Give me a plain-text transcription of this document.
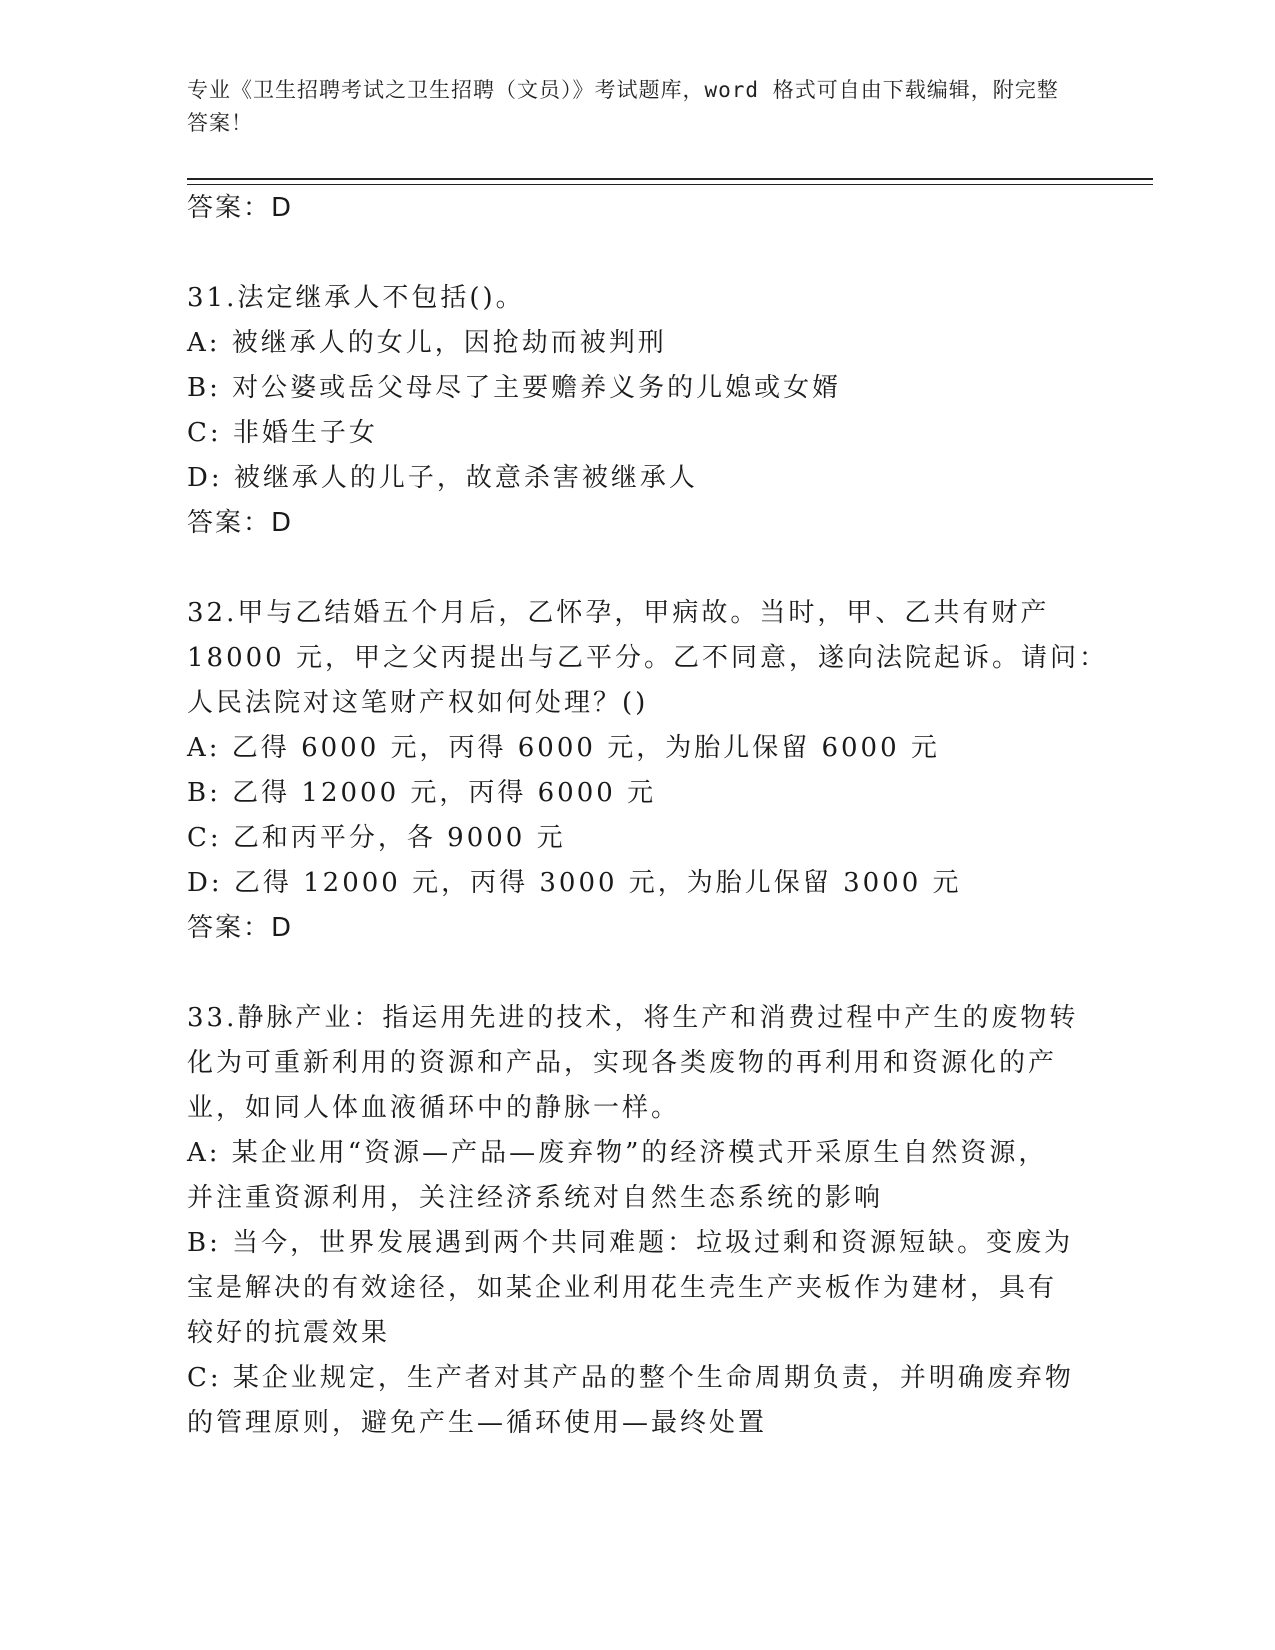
专业《卫生招聘考试之卫生招聘（文员）》考试题库，word 格式可自由下载编辑，附完整答案！
答案：D
31.法定继承人不包括()。
A: 被继承人的女儿，因抢劫而被判刑
B: 对公婆或岳父母尽了主要赡养义务的儿媳或女婿
C: 非婚生子女
D: 被继承人的儿子，故意杀害被继承人
答案：D
32.甲与乙结婚五个月后，乙怀孕，甲病故。当时，甲、乙共有财产
18000 元，甲之父丙提出与乙平分。乙不同意，遂向法院起诉。请问：
人民法院对这笔财产权如何处理？()
A: 乙得 6000 元，丙得 6000 元，为胎儿保留 6000 元
B: 乙得 12000 元，丙得 6000 元
C: 乙和丙平分，各 9000 元
D: 乙得 12000 元，丙得 3000 元，为胎儿保留 3000 元
答案：D
33.静脉产业：指运用先进的技术，将生产和消费过程中产生的废物转
化为可重新利用的资源和产品，实现各类废物的再利用和资源化的产
业，如同人体血液循环中的静脉一样。
A: 某企业用“资源—产品—废弃物”的经济模式开采原生自然资源，
并注重资源利用，关注经济系统对自然生态系统的影响
B: 当今，世界发展遇到两个共同难题：垃圾过剩和资源短缺。变废为
宝是解决的有效途径，如某企业利用花生壳生产夹板作为建材，具有
较好的抗震效果
C: 某企业规定，生产者对其产品的整个生命周期负责，并明确废弃物
的管理原则，避免产生—循环使用—最终处置
